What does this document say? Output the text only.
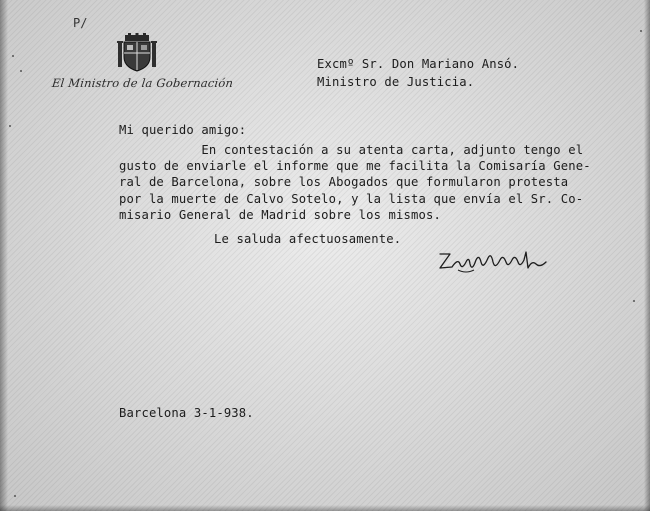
P/
El Ministro de la Gobernación
Excmº Sr. Don Mariano Ansó.
Ministro de Justicia.
Mi querido amigo:
En contestación a su atenta carta, adjunto tengo el
gusto de enviarle el informe que me facilita la Comisaría Gene-
ral de Barcelona, sobre los Abogados que formularon protesta
por la muerte de Calvo Sotelo, y la lista que envía el Sr. Co-
misario General de Madrid sobre los mismos.
Le saluda afectuosamente.
Barcelona 3-1-938.
